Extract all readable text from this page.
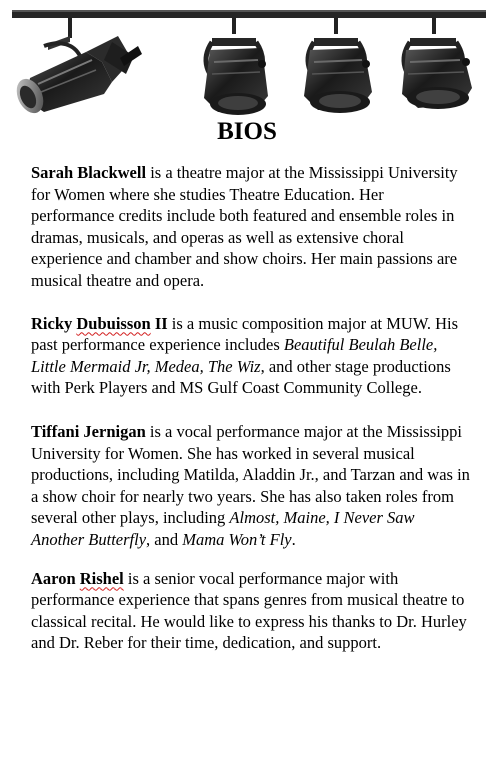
BIOS

Sarah Blackwell is a theatre major at the Mississippi University for Women where she studies Theatre Education. Her performance credits include both featured and ensemble roles in dramas, musicals, and operas as well as extensive choral experience and chamber and show choirs. Her main passions are musical theatre and opera.

Ricky Dubuisson II is a music composition major at MUW. His past performance experience includes Beautiful Beulah Belle, Little Mermaid Jr, Medea, The Wiz, and other stage productions with Perk Players and MS Gulf Coast Community College.

Tiffani Jernigan is a vocal performance major at the Mississippi University for Women. She has worked in several musical productions, including Matilda, Aladdin Jr., and Tarzan and was in a show choir for nearly two years. She has also taken roles from several other plays, including Almost, Maine, I Never Saw Another Butterfly, and Mama Won’t Fly.

Aaron Rishel is a senior vocal performance major with performance experience that spans genres from musical theatre to classical recital. He would like to express his thanks to Dr. Hurley and Dr. Reber for their time, dedication, and support.
